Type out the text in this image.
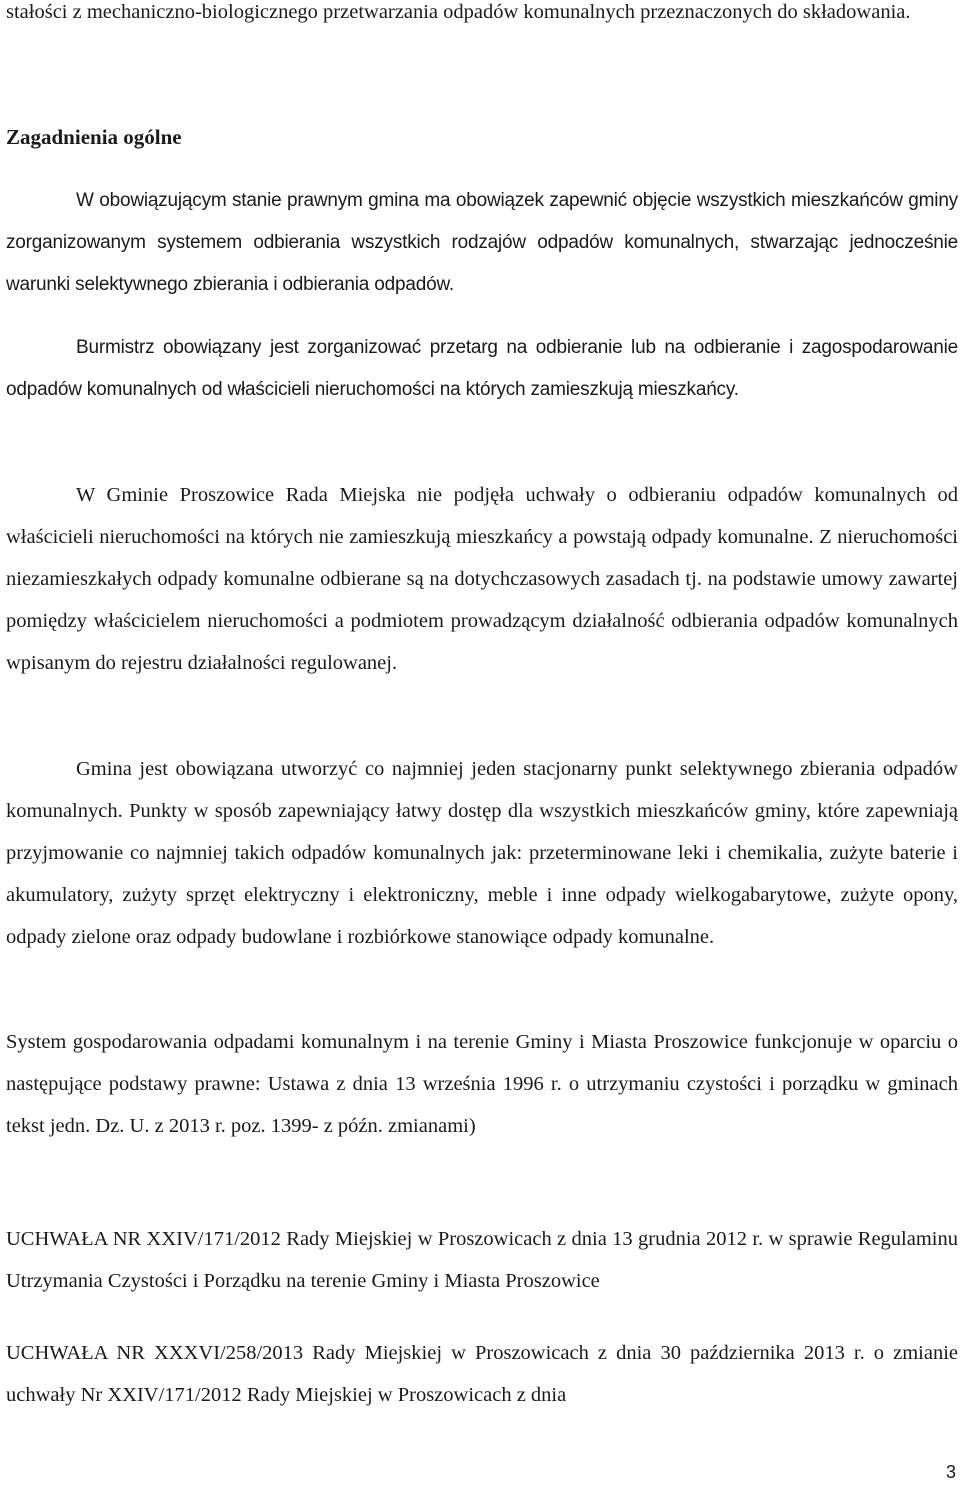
stałości z mechaniczno-biologicznego przetwarzania odpadów komunalnych przeznaczonych do składowania.

Zagadnienia ogólne

W obowiązującym stanie prawnym gmina ma obowiązek zapewnić objęcie wszystkich mieszkańców gminy zorganizowanym systemem odbierania wszystkich rodzajów odpadów komunalnych, stwarzając jednocześnie warunki selektywnego zbierania i odbierania odpadów.

Burmistrz obowiązany jest zorganizować przetarg na odbieranie lub na odbieranie i zagospodarowanie odpadów komunalnych od właścicieli nieruchomości na których zamieszkują mieszkańcy.

W Gminie Proszowice Rada Miejska nie podjęła uchwały o odbieraniu odpadów komunalnych od właścicieli nieruchomości na których nie zamieszkują mieszkańcy a powstają odpady komunalne. Z nieruchomości niezamieszkałych odpady komunalne odbierane są na dotychczasowych zasadach tj. na podstawie umowy zawartej pomiędzy właścicielem nieruchomości a podmiotem prowadzącym działalność odbierania odpadów komunalnych wpisanym do rejestru działalności regulowanej.

Gmina jest obowiązana utworzyć co najmniej jeden stacjonarny punkt selektywnego zbierania odpadów komunalnych. Punkty w sposób zapewniający łatwy dostęp dla wszystkich mieszkańców gminy, które zapewniają przyjmowanie co najmniej takich odpadów komunalnych jak: przeterminowane leki i chemikalia, zużyte baterie i akumulatory, zużyty sprzęt elektryczny i elektroniczny, meble i inne odpady wielkogabarytowe, zużyte opony, odpady zielone oraz odpady budowlane i rozbiórkowe stanowiące odpady komunalne.

System gospodarowania odpadami komunalnym i na terenie Gminy i Miasta Proszowice funkcjonuje w oparciu o następujące podstawy prawne: Ustawa z dnia 13 września 1996 r. o utrzymaniu czystości i porządku w gminach tekst jedn. Dz. U. z 2013 r. poz. 1399- z późn. zmianami)

UCHWAŁA NR XXIV/171/2012 Rady Miejskiej w Proszowicach z dnia 13 grudnia 2012 r. w sprawie Regulaminu Utrzymania Czystości i Porządku na terenie Gminy i Miasta Proszowice

UCHWAŁA NR XXXVI/258/2013 Rady Miejskiej w Proszowicach z dnia 30 października 2013 r. o zmianie uchwały Nr XXIV/171/2012 Rady Miejskiej w Proszowicach z dnia

3
